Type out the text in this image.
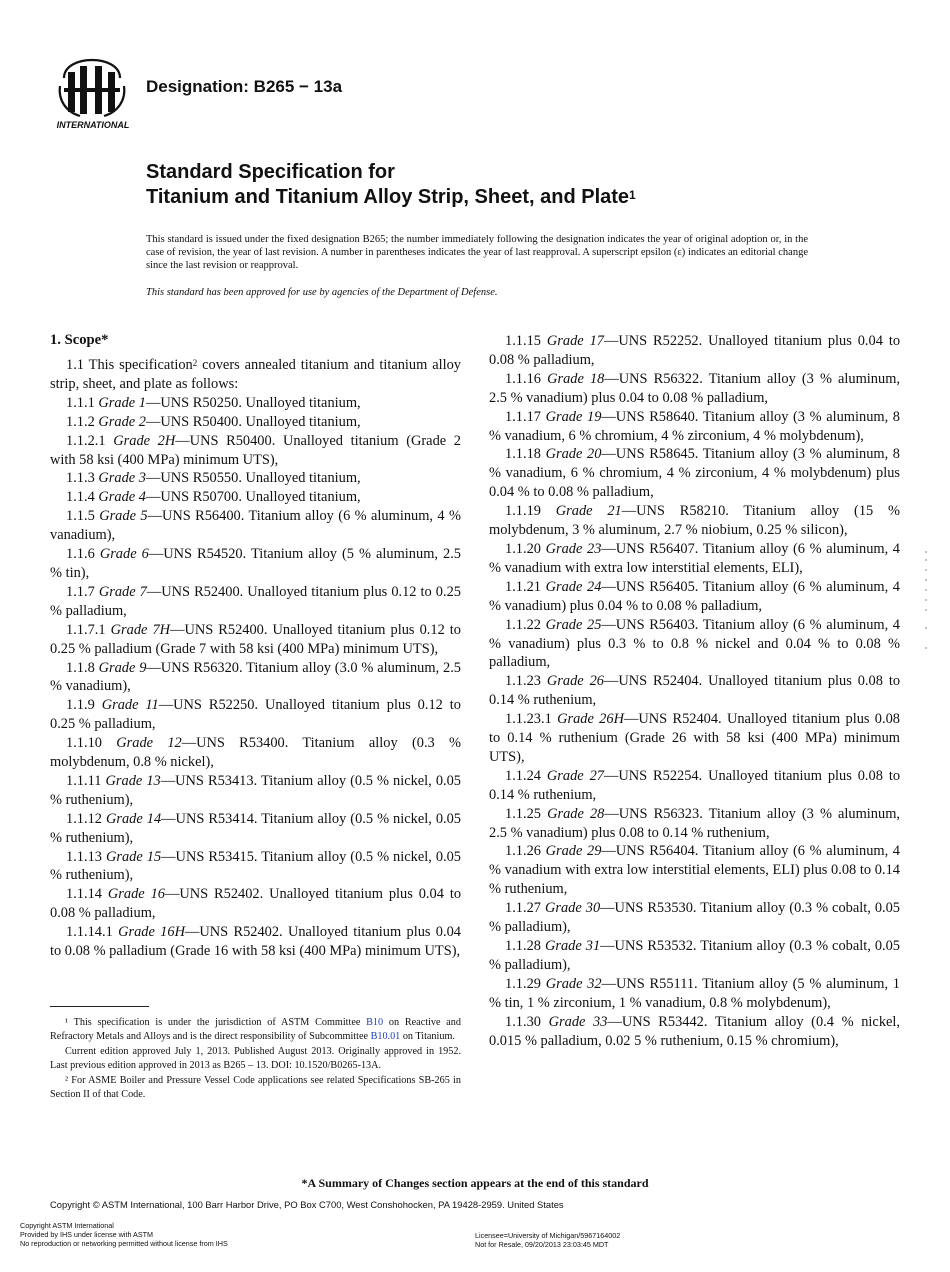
INTERNATIONAL
Designation: B265 − 13a
Standard Specification for
Titanium and Titanium Alloy Strip, Sheet, and Plate$^1$

This standard is issued under the fixed designation B265; the number immediately following the designation indicates the year of original adoption or, in the case of revision, the year of last revision. A number in parentheses indicates the year of last reapproval. A superscript epsilon (ε) indicates an editorial change since the last revision or reapproval.

This standard has been approved for use by agencies of the Department of Defense.
1. Scope*

1.1 This specification$^2$ covers annealed titanium and titanium alloy strip, sheet, and plate as follows:

1.1.1 Grade 1—UNS R50250. Unalloyed titanium,

1.1.2 Grade 2—UNS R50400. Unalloyed titanium,

1.1.2.1 Grade 2H—UNS R50400. Unalloyed titanium (Grade 2 with 58 ksi (400 MPa) minimum UTS),

1.1.3 Grade 3—UNS R50550. Unalloyed titanium,

1.1.4 Grade 4—UNS R50700. Unalloyed titanium,

1.1.5 Grade 5—UNS R56400. Titanium alloy (6 % aluminum, 4 % vanadium),

1.1.6 Grade 6—UNS R54520. Titanium alloy (5 % aluminum, 2.5 % tin),

1.1.7 Grade 7—UNS R52400. Unalloyed titanium plus 0.12 to 0.25 % palladium,

1.1.7.1 Grade 7H—UNS R52400. Unalloyed titanium plus 0.12 to 0.25 % palladium (Grade 7 with 58 ksi (400 MPa) minimum UTS),

1.1.8 Grade 9—UNS R56320. Titanium alloy (3.0 % aluminum, 2.5 % vanadium),

1.1.9 Grade 11—UNS R52250. Unalloyed titanium plus 0.12 to 0.25 % palladium,

1.1.10 Grade 12—UNS R53400. Titanium alloy (0.3 % molybdenum, 0.8 % nickel),

1.1.11 Grade 13—UNS R53413. Titanium alloy (0.5 % nickel, 0.05 % ruthenium),

1.1.12 Grade 14—UNS R53414. Titanium alloy (0.5 % nickel, 0.05 % ruthenium),

1.1.13 Grade 15—UNS R53415. Titanium alloy (0.5 % nickel, 0.05 % ruthenium),

1.1.14 Grade 16—UNS R52402. Unalloyed titanium plus 0.04 to 0.08 % palladium,

1.1.14.1 Grade 16H—UNS R52402. Unalloyed titanium plus 0.04 to 0.08 % palladium (Grade 16 with 58 ksi (400 MPa) minimum UTS),

1.1.15 Grade 17—UNS R52252. Unalloyed titanium plus 0.04 to 0.08 % palladium,

1.1.16 Grade 18—UNS R56322. Titanium alloy (3 % aluminum, 2.5 % vanadium) plus 0.04 to 0.08 % palladium,

1.1.17 Grade 19—UNS R58640. Titanium alloy (3 % aluminum, 8 % vanadium, 6 % chromium, 4 % zirconium, 4 % molybdenum),

1.1.18 Grade 20—UNS R58645. Titanium alloy (3 % aluminum, 8 % vanadium, 6 % chromium, 4 % zirconium, 4 % molybdenum) plus 0.04 % to 0.08 % palladium,

1.1.19 Grade 21—UNS R58210. Titanium alloy (15 % molybdenum, 3 % aluminum, 2.7 % niobium, 0.25 % silicon),

1.1.20 Grade 23—UNS R56407. Titanium alloy (6 % aluminum, 4 % vanadium with extra low interstitial elements, ELI),

1.1.21 Grade 24—UNS R56405. Titanium alloy (6 % aluminum, 4 % vanadium) plus 0.04 % to 0.08 % palladium,

1.1.22 Grade 25—UNS R56403. Titanium alloy (6 % aluminum, 4 % vanadium) plus 0.3 % to 0.8 % nickel and 0.04 % to 0.08 % palladium,

1.1.23 Grade 26—UNS R52404. Unalloyed titanium plus 0.08 to 0.14 % ruthenium,

1.1.23.1 Grade 26H—UNS R52404. Unalloyed titanium plus 0.08 to 0.14 % ruthenium (Grade 26 with 58 ksi (400 MPa) minimum UTS),

1.1.24 Grade 27—UNS R52254. Unalloyed titanium plus 0.08 to 0.14 % ruthenium,

1.1.25 Grade 28—UNS R56323. Titanium alloy (3 % aluminum, 2.5 % vanadium) plus 0.08 to 0.14 % ruthenium,

1.1.26 Grade 29—UNS R56404. Titanium alloy (6 % aluminum, 4 % vanadium with extra low interstitial elements, ELI) plus 0.08 to 0.14 % ruthenium,

1.1.27 Grade 30—UNS R53530. Titanium alloy (0.3 % cobalt, 0.05 % palladium),

1.1.28 Grade 31—UNS R53532. Titanium alloy (0.3 % cobalt, 0.05 % palladium),

1.1.29 Grade 32—UNS R55111. Titanium alloy (5 % aluminum, 1 % tin, 1 % zirconium, 1 % vanadium, 0.8 % molybdenum),

1.1.30 Grade 33—UNS R53442. Titanium alloy (0.4 % nickel, 0.015 % palladium, 0.02 5 % ruthenium, 0.15 % chromium),

¹ This specification is under the jurisdiction of ASTM Committee B10 on Reactive and Refractory Metals and Alloys and is the direct responsibility of Subcommittee B10.01 on Titanium.

Current edition approved July 1, 2013. Published August 2013. Originally approved in 1952. Last previous edition approved in 2013 as B265 – 13. DOI: 10.1520/B0265-13A.

² For ASME Boiler and Pressure Vessel Code applications see related Specifications SB-265 in Section II of that Code.

*A Summary of Changes section appears at the end of this standard
Copyright © ASTM International, 100 Barr Harbor Drive, PO Box C700, West Conshohocken, PA 19428-2959. United States
Copyright ASTM International
Provided by IHS under license with ASTM
No reproduction or networking permitted without license from IHS
Licensee=University of Michigan/5967164002
Not for Resale, 09/20/2013 23:03:45 MDT
